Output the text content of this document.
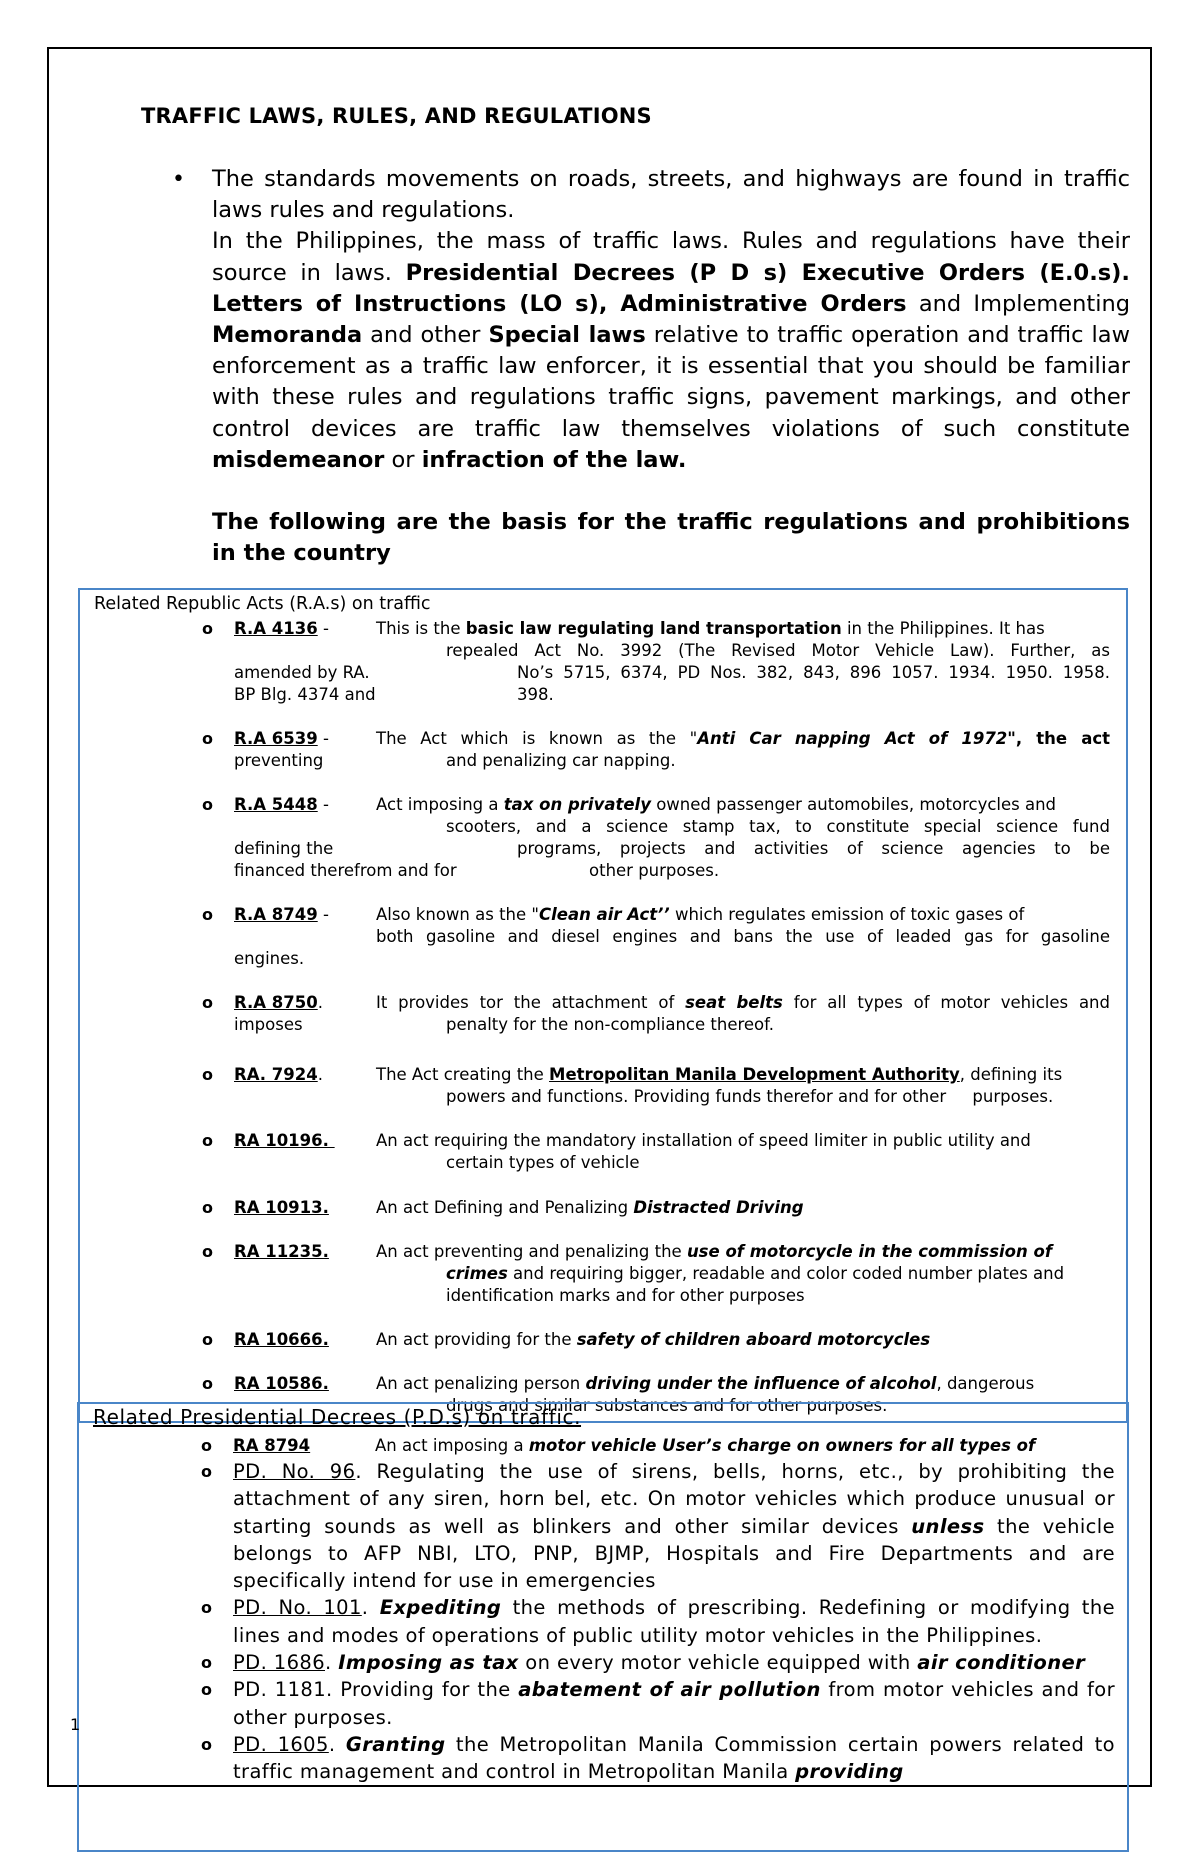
TRAFFIC LAWS, RULES, AND REGULATIONS
• The standards movements on roads, streets, and highways are found in traffic laws rules and regulations.

In the Philippines, the mass of traffic laws. Rules and regulations have their source in laws. Presidential Decrees (P D s) Executive Orders (E.0.s). Letters of Instructions (LO s), Administrative Orders and Implementing Memoranda and other Special laws relative to traffic operation and traffic law enforcement as a traffic law enforcer, it is essential that you should be familiar with these rules and regulations traffic signs, pavement markings, and other control devices are traffic law themselves violations of such constitute misdemeanor or infraction of the law.

The following are the basis for the traffic regulations and prohibitions in the country

Related Republic Acts (R.A.s) on traffic
o R.A 4136 -	This is the basic law regulating land transportation in the Philippines. It has
repealed Act No. 3992 (The Revised Motor Vehicle Law). Further, as
amended by RA.	No’s 5715, 6374, PD Nos. 382, 843, 896 1057. 1934. 1950. 1958.
BP Blg. 4374 and	398.
o R.A 6539 -	The Act which is known as the "Anti Car napping Act of 1972", the act
preventing	and penalizing car napping.
o R.A 5448 -	Act imposing a tax on privately owned passenger automobiles, motorcycles and
scooters, and a science stamp tax, to constitute special science fund
defining the	programs, projects and activities of science agencies to be
financed therefrom and for	other purposes.
o R.A 8749 -	Also known as the "Clean air Act’’ which regulates emission of toxic gases of
both gasoline and diesel engines and bans the use of leaded gas for gasoline
engines.
o R.A 8750.	It provides tor the attachment of seat belts for all types of motor vehicles and
imposes	penalty for the non-compliance thereof.
o RA. 7924.	The Act creating the Metropolitan Manila Development Authority, defining its
powers and functions. Providing funds therefor and for other     purposes.
o RA 10196.	An act requiring the mandatory installation of speed limiter in public utility and
certain types of vehicle
o RA 10913.	An act Defining and Penalizing Distracted Driving
o RA 11235.	An act preventing and penalizing the use of motorcycle in the commission of
crimes and requiring bigger, readable and color coded number plates and
identification marks and for other purposes
o RA 10666.	An act providing for the safety of children aboard motorcycles
o RA 10586.	An act penalizing person driving under the influence of alcohol, dangerous
drugs and similar substances and for other purposes.
Related Presidential Decrees (P.D.s) on traffic.
o RA 8794	An act imposing a motor vehicle User’s charge on owners for all types of
o PD. No. 96. Regulating the use of sirens, bells, horns, etc., by prohibiting the attachment of any siren, horn bel, etc. On motor vehicles which produce unusual or starting sounds as well as blinkers and other similar devices unless the vehicle belongs to AFP NBI, LTO, PNP, BJMP, Hospitals and Fire Departments and are specifically intend for use in emergencies
o PD. No. 101. Expediting the methods of prescribing. Redefining or modifying the lines and modes of operations of public utility motor vehicles in the Philippines.
o PD. 1686. Imposing as tax on every motor vehicle equipped with air conditioner
o PD. 1181. Providing for the abatement of air pollution from motor vehicles and for other purposes.
o PD. 1605. Granting the Metropolitan Manila Commission certain powers related to traffic management and control in Metropolitan Manila providing
1
